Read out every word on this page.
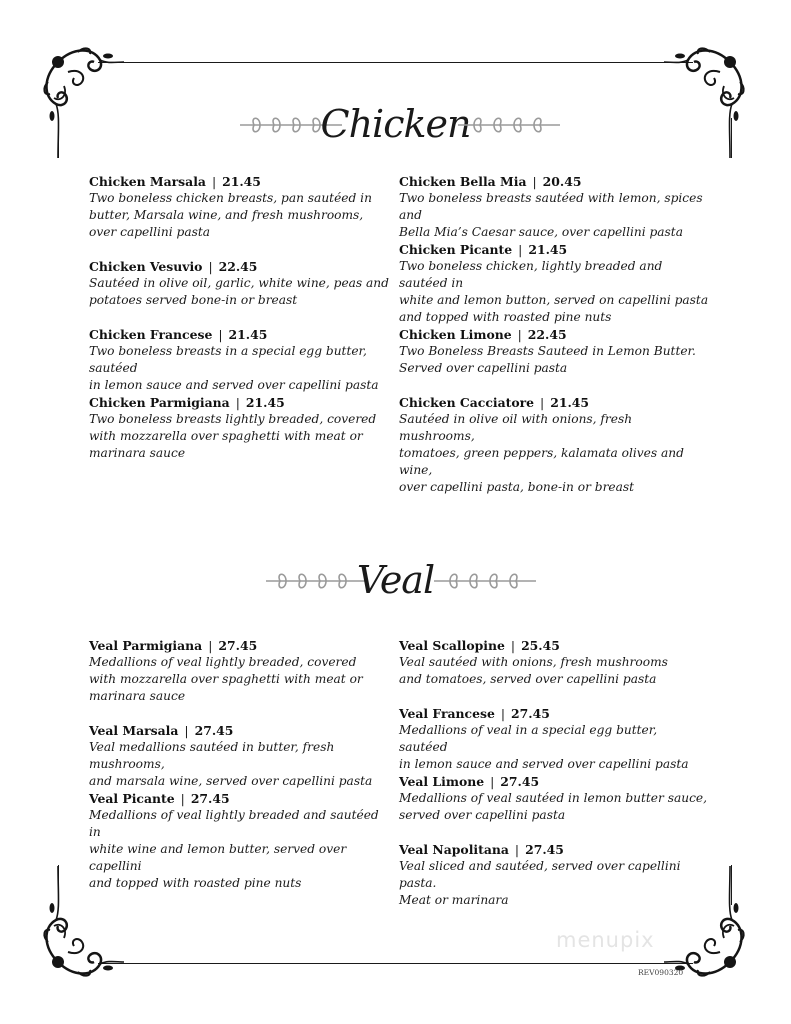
Chicken
Chicken Marsala | 21.45
Two boneless chicken breasts, pan sautéed in
butter, Marsala wine, and fresh mushrooms,
over capellini pasta
Chicken Vesuvio | 22.45
Sautéed in olive oil, garlic, white wine, peas and
potatoes served bone-in or breast
Chicken Francese | 21.45
Two boneless breasts in a special egg butter, sautéed
in lemon sauce and served over capellini pasta
Chicken Parmigiana | 21.45
Two boneless breasts lightly breaded, covered
with mozzarella over spaghetti with meat or
marinara sauce
Chicken Bella Mia | 20.45
Two boneless breasts sautéed with lemon, spices and
Bella Mia’s Caesar sauce, over capellini pasta
Chicken Picante | 21.45
Two boneless chicken, lightly breaded and sautéed in
white and lemon button, served on capellini pasta
and topped with roasted pine nuts
Chicken Limone | 22.45
Two Boneless Breasts Sauteed in Lemon Butter.
Served over capellini pasta
Chicken Cacciatore | 21.45
Sautéed in olive oil with onions, fresh mushrooms,
tomatoes, green peppers, kalamata olives and wine,
over capellini pasta, bone-in or breast
Veal
Veal Parmigiana | 27.45
Medallions of veal lightly breaded, covered
with mozzarella over spaghetti with meat or
marinara sauce
Veal Marsala | 27.45
Veal medallions sautéed in butter, fresh mushrooms,
and marsala wine, served over capellini pasta
Veal Picante | 27.45
Medallions of veal lightly breaded and sautéed in
white wine and lemon butter, served over capellini
and topped with roasted pine nuts
Veal Scallopine | 25.45
Veal sautéed with onions, fresh mushrooms
and tomatoes, served over capellini pasta
Veal Francese | 27.45
Medallions of veal in a special egg butter, sautéed
in lemon sauce and served over capellini pasta
Veal Limone | 27.45
Medallions of veal sautéed in lemon butter sauce,
served over capellini pasta
Veal Napolitana | 27.45
Veal sliced and sautéed, served over capellini pasta.
Meat or marinara
menupix
REV090320
